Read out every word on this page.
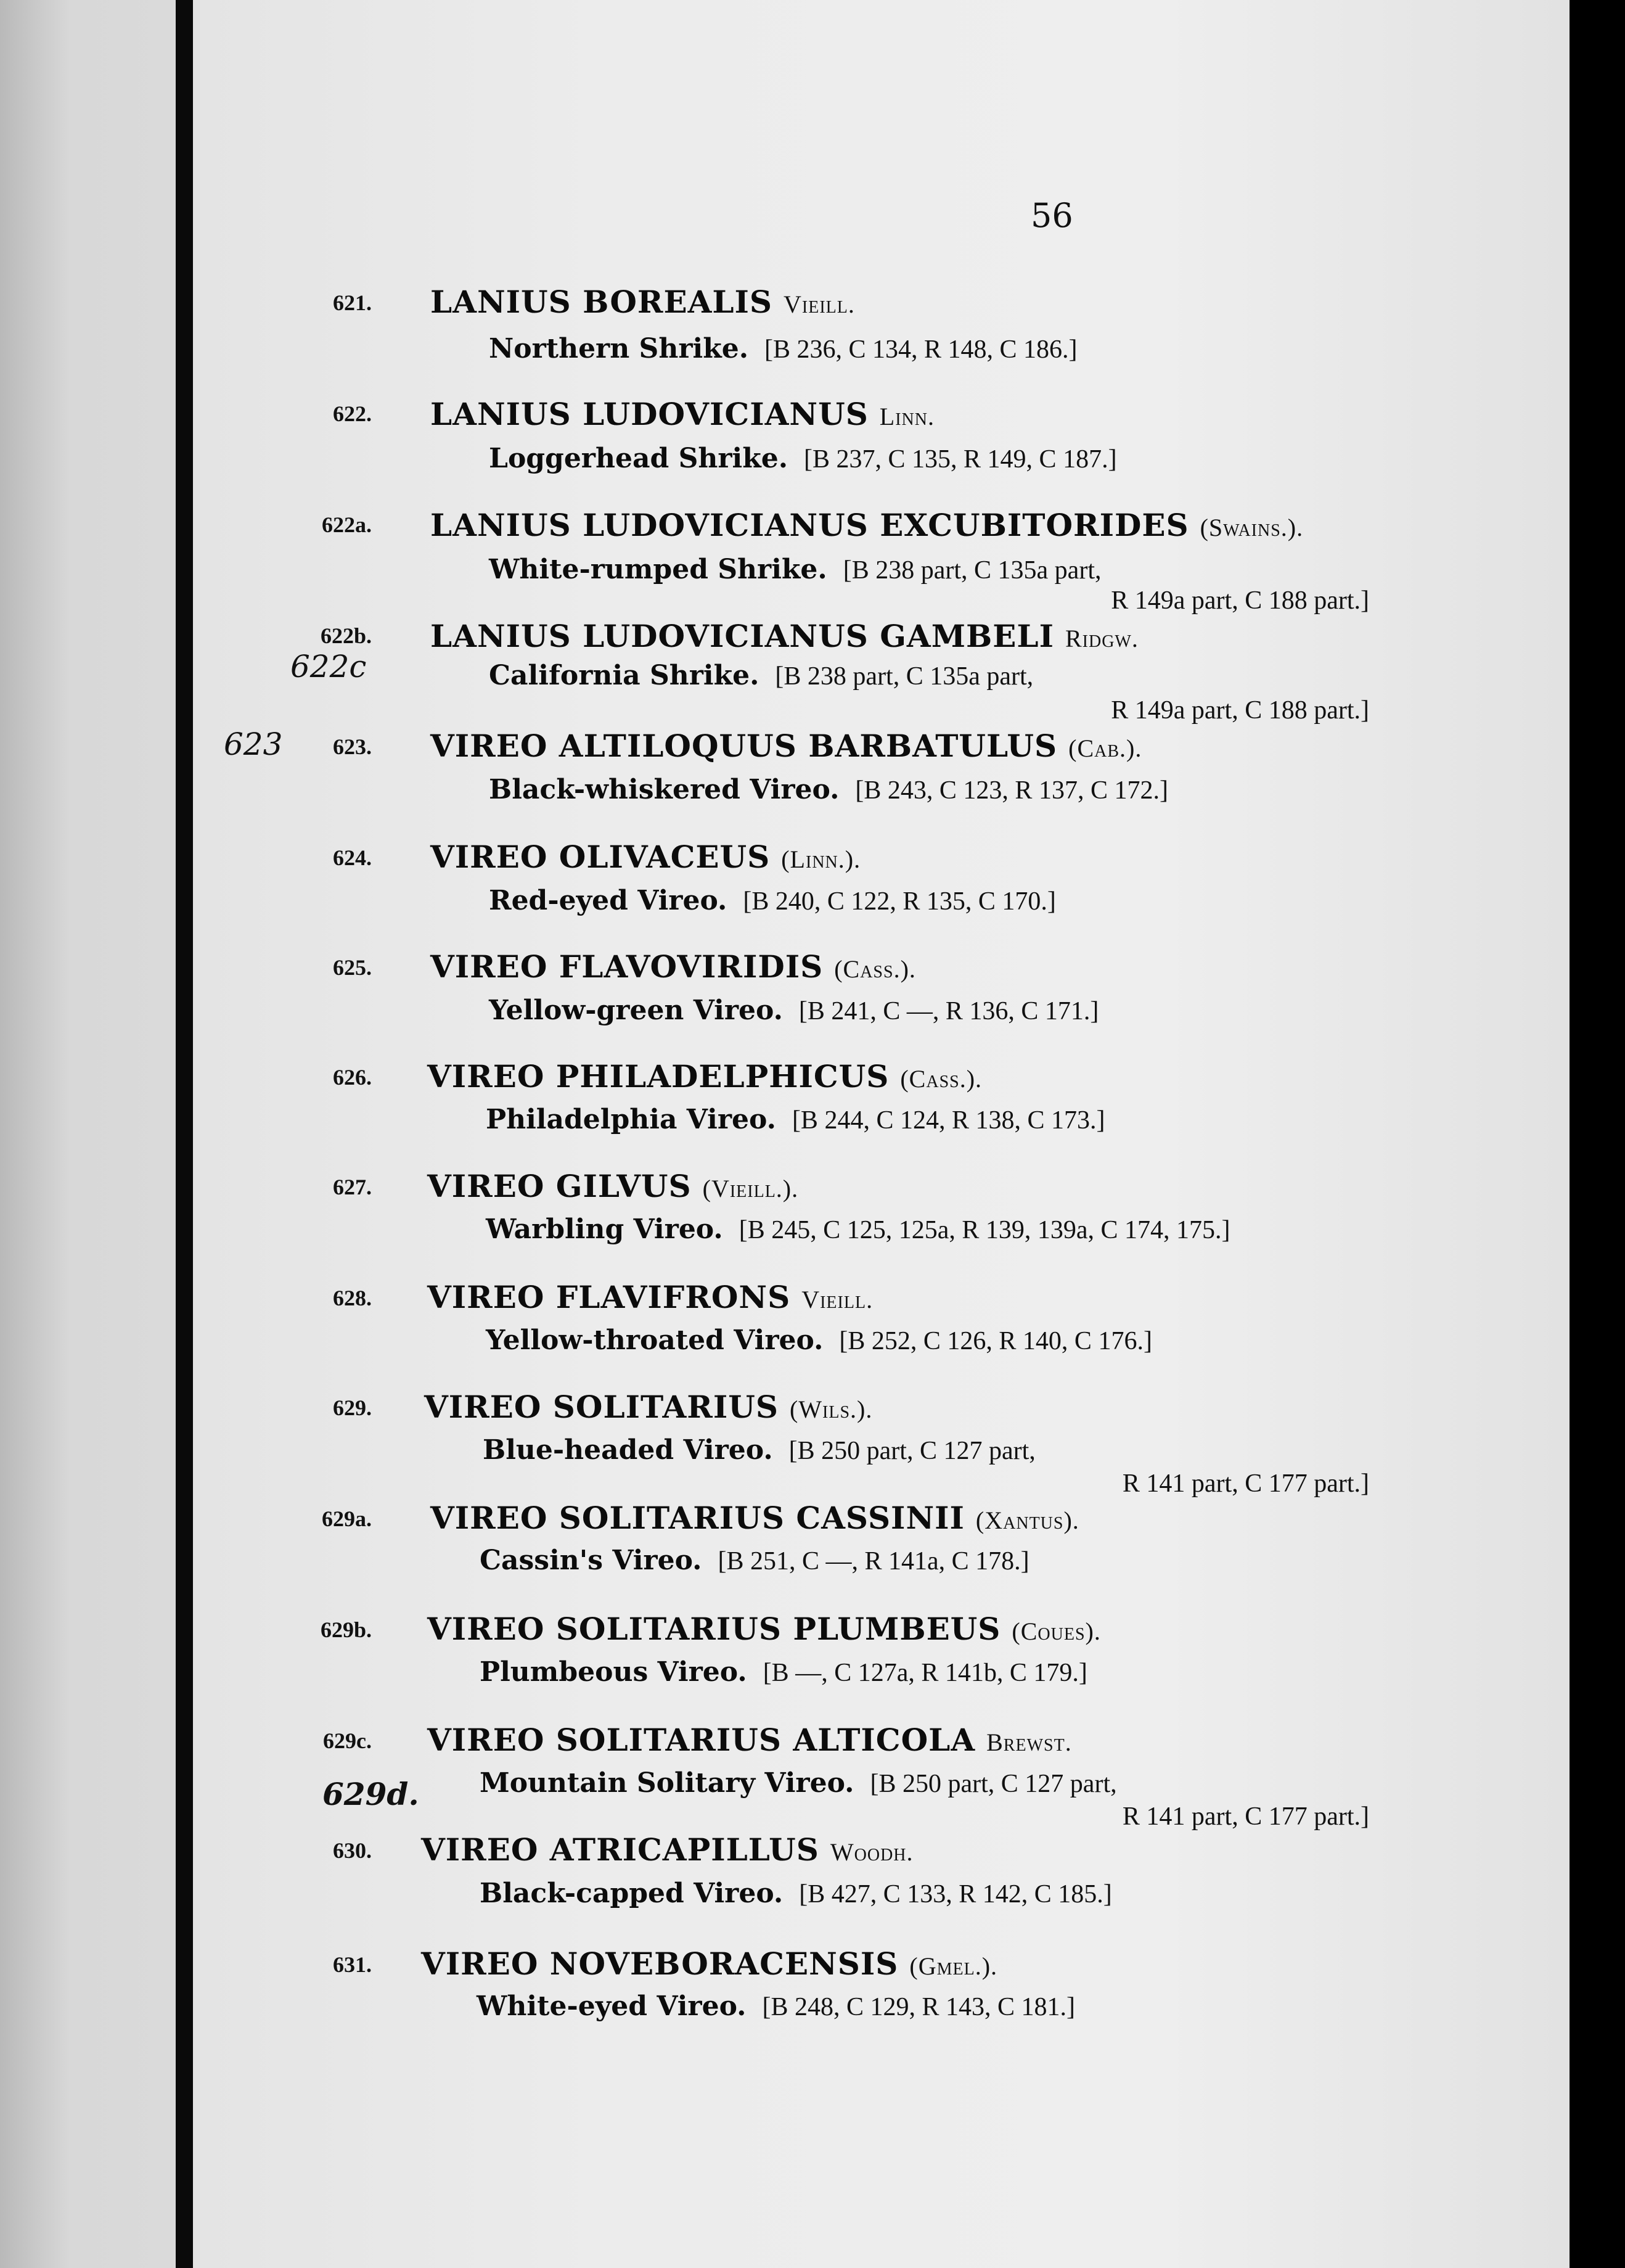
56
621. LANIUS BOREALIS Vieill.
Northern Shrike. [B 236, C 134, R 148, C 186.]
622. LANIUS LUDOVICIANUS Linn.
Loggerhead Shrike. [B 237, C 135, R 149, C 187.]
622a. LANIUS LUDOVICIANUS EXCUBITORIDES (Swains.).
White-rumped Shrike. [B 238 part, C 135a part,
R 149a part, C 188 part.]
622b. LANIUS LUDOVICIANUS GAMBELI Ridgw.
California Shrike. [B 238 part, C 135a part,
R 149a part, C 188 part.]
623. VIREO ALTILOQUUS BARBATULUS (Cab.).
Black-whiskered Vireo. [B 243, C 123, R 137, C 172.]
624. VIREO OLIVACEUS (Linn.).
Red-eyed Vireo. [B 240, C 122, R 135, C 170.]
625. VIREO FLAVOVIRIDIS (Cass.).
Yellow-green Vireo. [B 241, C —, R 136, C 171.]
626. VIREO PHILADELPHICUS (Cass.).
Philadelphia Vireo. [B 244, C 124, R 138, C 173.]
627. VIREO GILVUS (Vieill.).
Warbling Vireo. [B 245, C 125, 125a, R 139, 139a, C 174, 175.]
628. VIREO FLAVIFRONS Vieill.
Yellow-throated Vireo. [B 252, C 126, R 140, C 176.]
629. VIREO SOLITARIUS (Wils.).
Blue-headed Vireo. [B 250 part, C 127 part,
R 141 part, C 177 part.]
629a. VIREO SOLITARIUS CASSINII (Xantus).
Cassin's Vireo. [B 251, C —, R 141a, C 178.]
629b. VIREO SOLITARIUS PLUMBEUS (Coues).
Plumbeous Vireo. [B —, C 127a, R 141b, C 179.]
629c. VIREO SOLITARIUS ALTICOLA Brewst.
Mountain Solitary Vireo. [B 250 part, C 127 part,
R 141 part, C 177 part.]
630. VIREO ATRICAPILLUS Woodh.
Black-capped Vireo. [B 427, C 133, R 142, C 185.]
631. VIREO NOVEBORACENSIS (Gmel.).
White-eyed Vireo. [B 248, C 129, R 143, C 181.]
622c
623
629d.
